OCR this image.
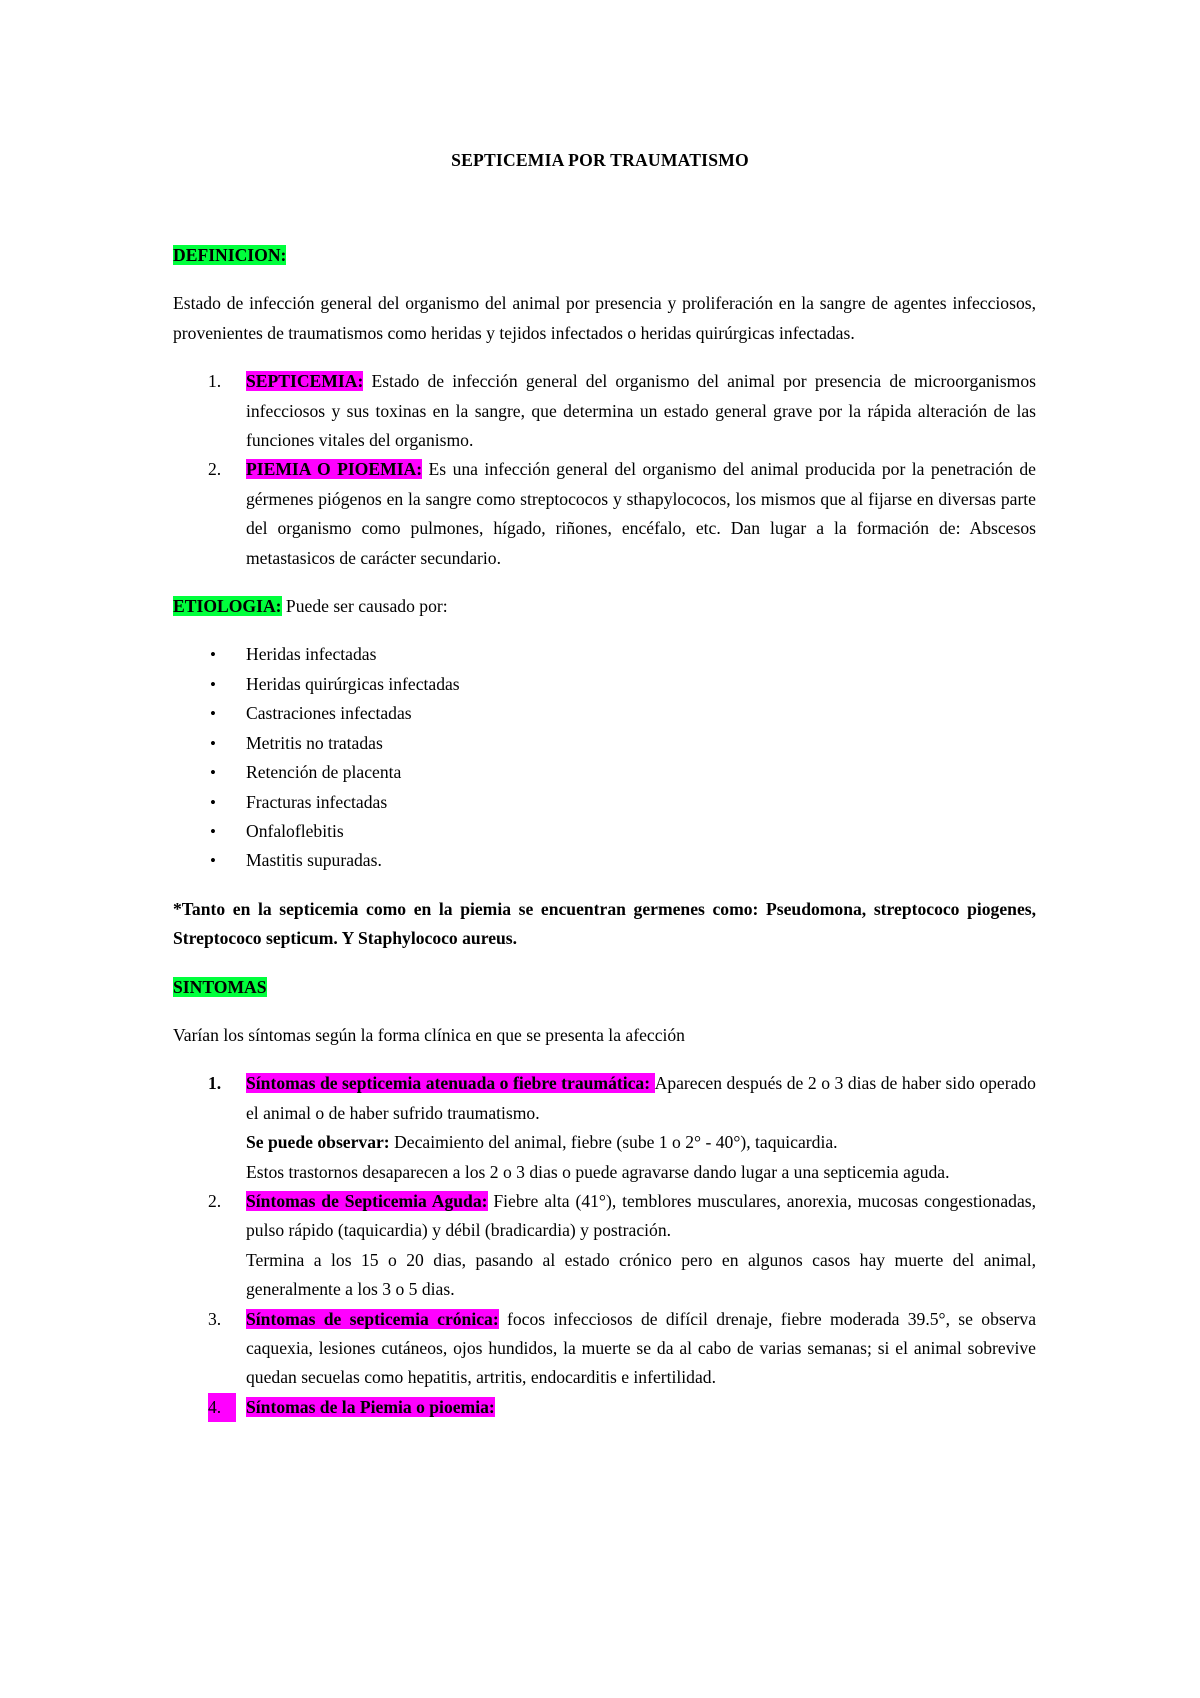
SEPTICEMIA POR TRAUMATISMO

DEFINICION:

Estado de infección general del organismo del animal por presencia y proliferación en la sangre de agentes infecciosos, provenientes de traumatismos como heridas y tejidos infectados o heridas quirúrgicas infectadas.

1.	SEPTICEMIA: Estado de infección general del organismo del animal por presencia de microorganismos infecciosos y sus toxinas en la sangre, que determina un estado general grave por la rápida alteración de las funciones vitales del organismo.
2.	PIEMIA O PIOEMIA: Es una infección general del organismo del animal producida por la penetración de gérmenes piógenos en la sangre como streptococos y sthapylococos, los mismos que al fijarse en diversas parte del organismo como pulmones, hígado, riñones, encéfalo, etc. Dan lugar a la formación de: Abscesos metastasicos de carácter secundario.

ETIOLOGIA: Puede ser causado por:

• Heridas infectadas
• Heridas quirúrgicas infectadas
• Castraciones infectadas
• Metritis no tratadas
• Retención de placenta
• Fracturas infectadas
• Onfaloflebitis
• Mastitis supuradas.

*Tanto en la septicemia como en la piemia se encuentran germenes como: Pseudomona, streptococo piogenes, Streptococo septicum. Y Staphylococo aureus.

SINTOMAS

Varían los síntomas según la forma clínica en que se presenta la afección

1.	Síntomas de septicemia atenuada o fiebre traumática: Aparecen después de 2 o 3 dias de haber sido operado el animal o de haber sufrido traumatismo.
Se puede observar: Decaimiento del animal, fiebre (sube 1 o 2° - 40°), taquicardia.
Estos trastornos desaparecen a los 2 o 3 dias o puede agravarse dando lugar a una septicemia aguda.
2.	Síntomas de Septicemia Aguda: Fiebre alta (41°), temblores musculares, anorexia, mucosas congestionadas, pulso rápido (taquicardia) y débil (bradicardia) y postración.
Termina a los 15 o 20 dias, pasando al estado crónico pero en algunos casos hay muerte del animal, generalmente a los 3 o 5 dias.
3.	Síntomas de septicemia crónica: focos infecciosos de difícil drenaje, fiebre moderada 39.5°, se observa caquexia, lesiones cutáneos, ojos hundidos, la muerte se da al cabo de varias semanas; si el animal sobrevive quedan secuelas como hepatitis, artritis, endocarditis e infertilidad.
4.	Síntomas de la Piemia o pioemia:
